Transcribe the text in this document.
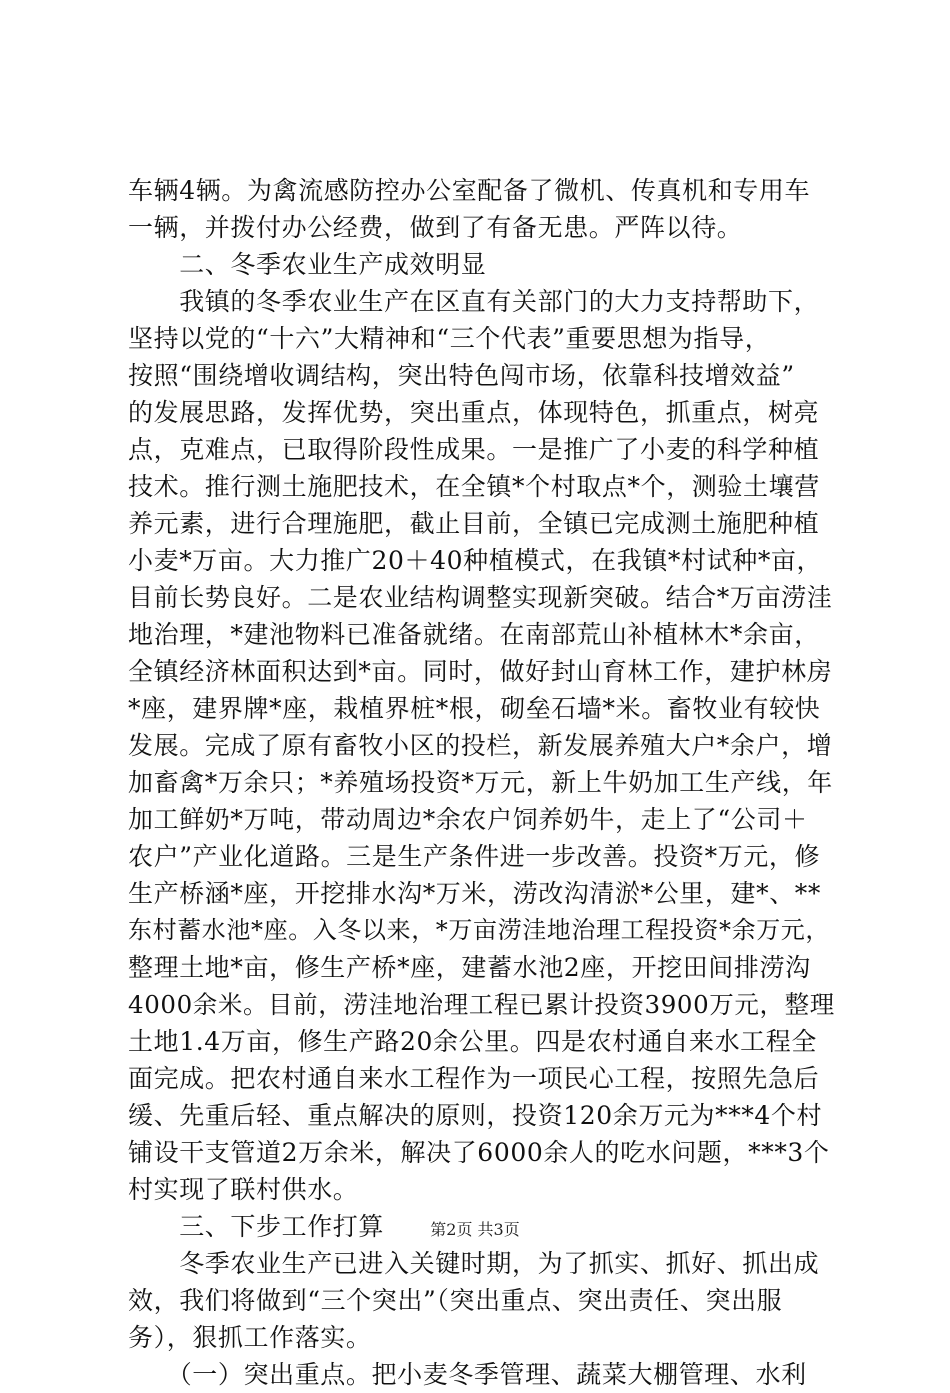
车辆4辆。为禽流感防控办公室配备了微机、传真机和专用车
一辆，并拨付办公经费，做到了有备无患。严阵以待。
　　二、冬季农业生产成效明显
　　我镇的冬季农业生产在区直有关部门的大力支持帮助下，
坚持以党的“十六”大精神和“三个代表”重要思想为指导，
按照“围绕增收调结构，突出特色闯市场，依靠科技增效益”
的发展思路，发挥优势，突出重点，体现特色，抓重点，树亮
点，克难点，已取得阶段性成果。一是推广了小麦的科学种植
技术。推行测土施肥技术，在全镇*个村取点*个，测验土壤营
养元素，进行合理施肥，截止目前，全镇已完成测土施肥种植
小麦*万亩。大力推广20＋40种植模式，在我镇*村试种*亩，
目前长势良好。二是农业结构调整实现新突破。结合*万亩涝洼
地治理，*建池物料已准备就绪。在南部荒山补植林木*余亩，
全镇经济林面积达到*亩。同时，做好封山育林工作，建护林房
*座，建界牌*座，栽植界桩*根，砌垒石墙*米。畜牧业有较快
发展。完成了原有畜牧小区的投栏，新发展养殖大户*余户，增
加畜禽*万余只；*养殖场投资*万元，新上牛奶加工生产线，年
加工鲜奶*万吨，带动周边*余农户饲养奶牛，走上了“公司＋
农户”产业化道路。三是生产条件进一步改善。投资*万元，修
生产桥涵*座，开挖排水沟*万米，涝改沟清淤*公里，建*、**
东村蓄水池*座。入冬以来，*万亩涝洼地治理工程投资*余万元，
整理土地*亩，修生产桥*座，建蓄水池2座，开挖田间排涝沟
4000余米。目前，涝洼地治理工程已累计投资3900万元，整理
土地1.4万亩，修生产路20余公里。四是农村通自来水工程全
面完成。把农村通自来水工程作为一项民心工程，按照先急后
缓、先重后轻、重点解决的原则，投资120余万元为***4个村
铺设干支管道2万余米，解决了6000余人的吃水问题，***3个
村实现了联村供水。
　　三、下步工作打算
　　冬季农业生产已进入关键时期，为了抓实、抓好、抓出成
效，我们将做到“三个突出”（突出重点、突出责任、突出服
务），狠抓工作落实。
　　（一）突出重点。把小麦冬季管理、蔬菜大棚管理、水利
第2页 共3页
